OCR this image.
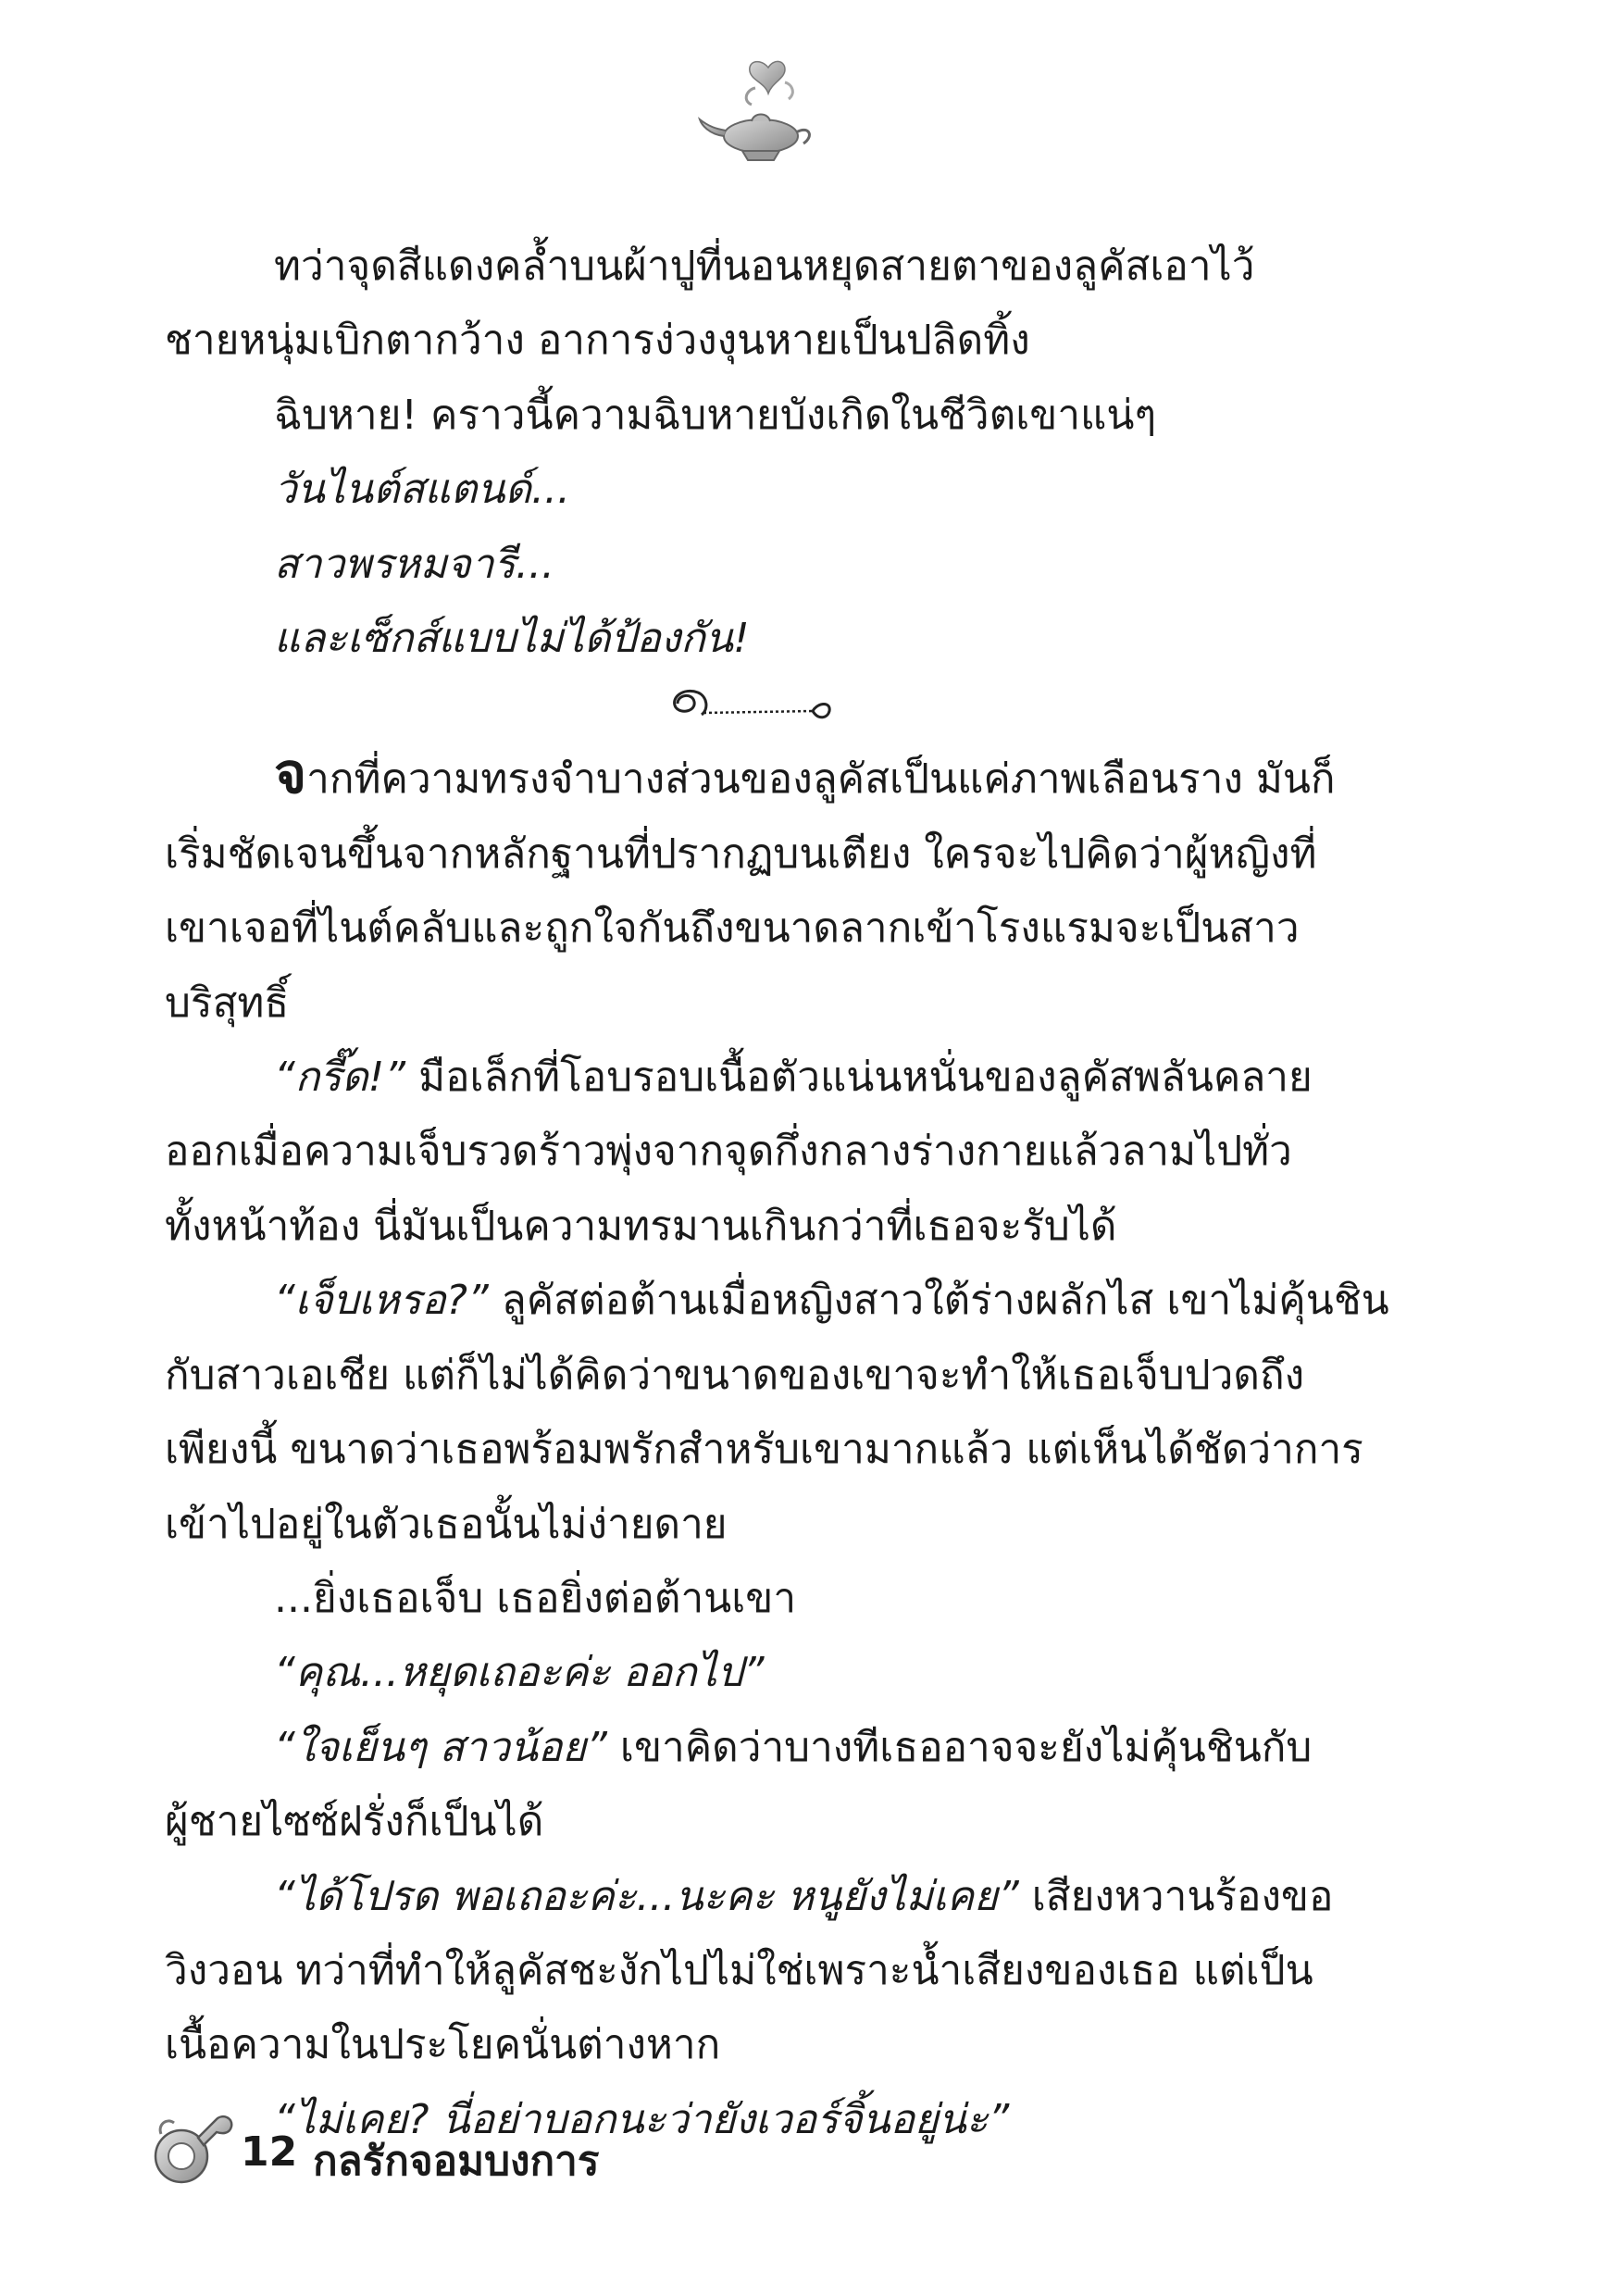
ทว่าจุดสีแดงคล้ำบนผ้าปูที่นอนหยุดสายตาของลูคัสเอาไว้

ชายหนุ่มเบิกตากว้าง อาการง่วงงุนหายเป็นปลิดทิ้ง

ฉิบหาย! คราวนี้ความฉิบหายบังเกิดในชีวิตเขาแน่ๆ

วันไนต์สแตนด์...

สาวพรหมจารี...

และเซ็กส์แบบไม่ได้ป้องกัน!

จากที่ความทรงจำบางส่วนของลูคัสเป็นแค่ภาพเลือนราง มันก็

เริ่มชัดเจนขึ้นจากหลักฐานที่ปรากฏบนเตียง ใครจะไปคิดว่าผู้หญิงที่

เขาเจอที่ไนต์คลับและถูกใจกันถึงขนาดลากเข้าโรงแรมจะเป็นสาว

บริสุทธิ์

“กรี๊ด!” มือเล็กที่โอบรอบเนื้อตัวแน่นหนั่นของลูคัสพลันคลาย

ออกเมื่อความเจ็บรวดร้าวพุ่งจากจุดกึ่งกลางร่างกายแล้วลามไปทั่ว

ทั้งหน้าท้อง นี่มันเป็นความทรมานเกินกว่าที่เธอจะรับได้

“เจ็บเหรอ?” ลูคัสต่อต้านเมื่อหญิงสาวใต้ร่างผลักไส เขาไม่คุ้นชิน

กับสาวเอเชีย แต่ก็ไม่ได้คิดว่าขนาดของเขาจะทำให้เธอเจ็บปวดถึง

เพียงนี้ ขนาดว่าเธอพร้อมพรักสำหรับเขามากแล้ว แต่เห็นได้ชัดว่าการ

เข้าไปอยู่ในตัวเธอนั้นไม่ง่ายดาย

...ยิ่งเธอเจ็บ เธอยิ่งต่อต้านเขา

“คุณ...หยุดเถอะค่ะ ออกไป”

“ใจเย็นๆ สาวน้อย” เขาคิดว่าบางทีเธออาจจะยังไม่คุ้นชินกับ

ผู้ชายไซซ์ฝรั่งก็เป็นได้

“ได้โปรด พอเถอะค่ะ...นะคะ หนูยังไม่เคย” เสียงหวานร้องขอ

วิงวอน ทว่าที่ทำให้ลูคัสชะงักไปไม่ใช่เพราะน้ำเสียงของเธอ แต่เป็น

เนื้อความในประโยคนั่นต่างหาก

“ไม่เคย? นี่อย่าบอกนะว่ายังเวอร์จิ้นอยู่น่ะ”

12 กลรักจอมบงการ
